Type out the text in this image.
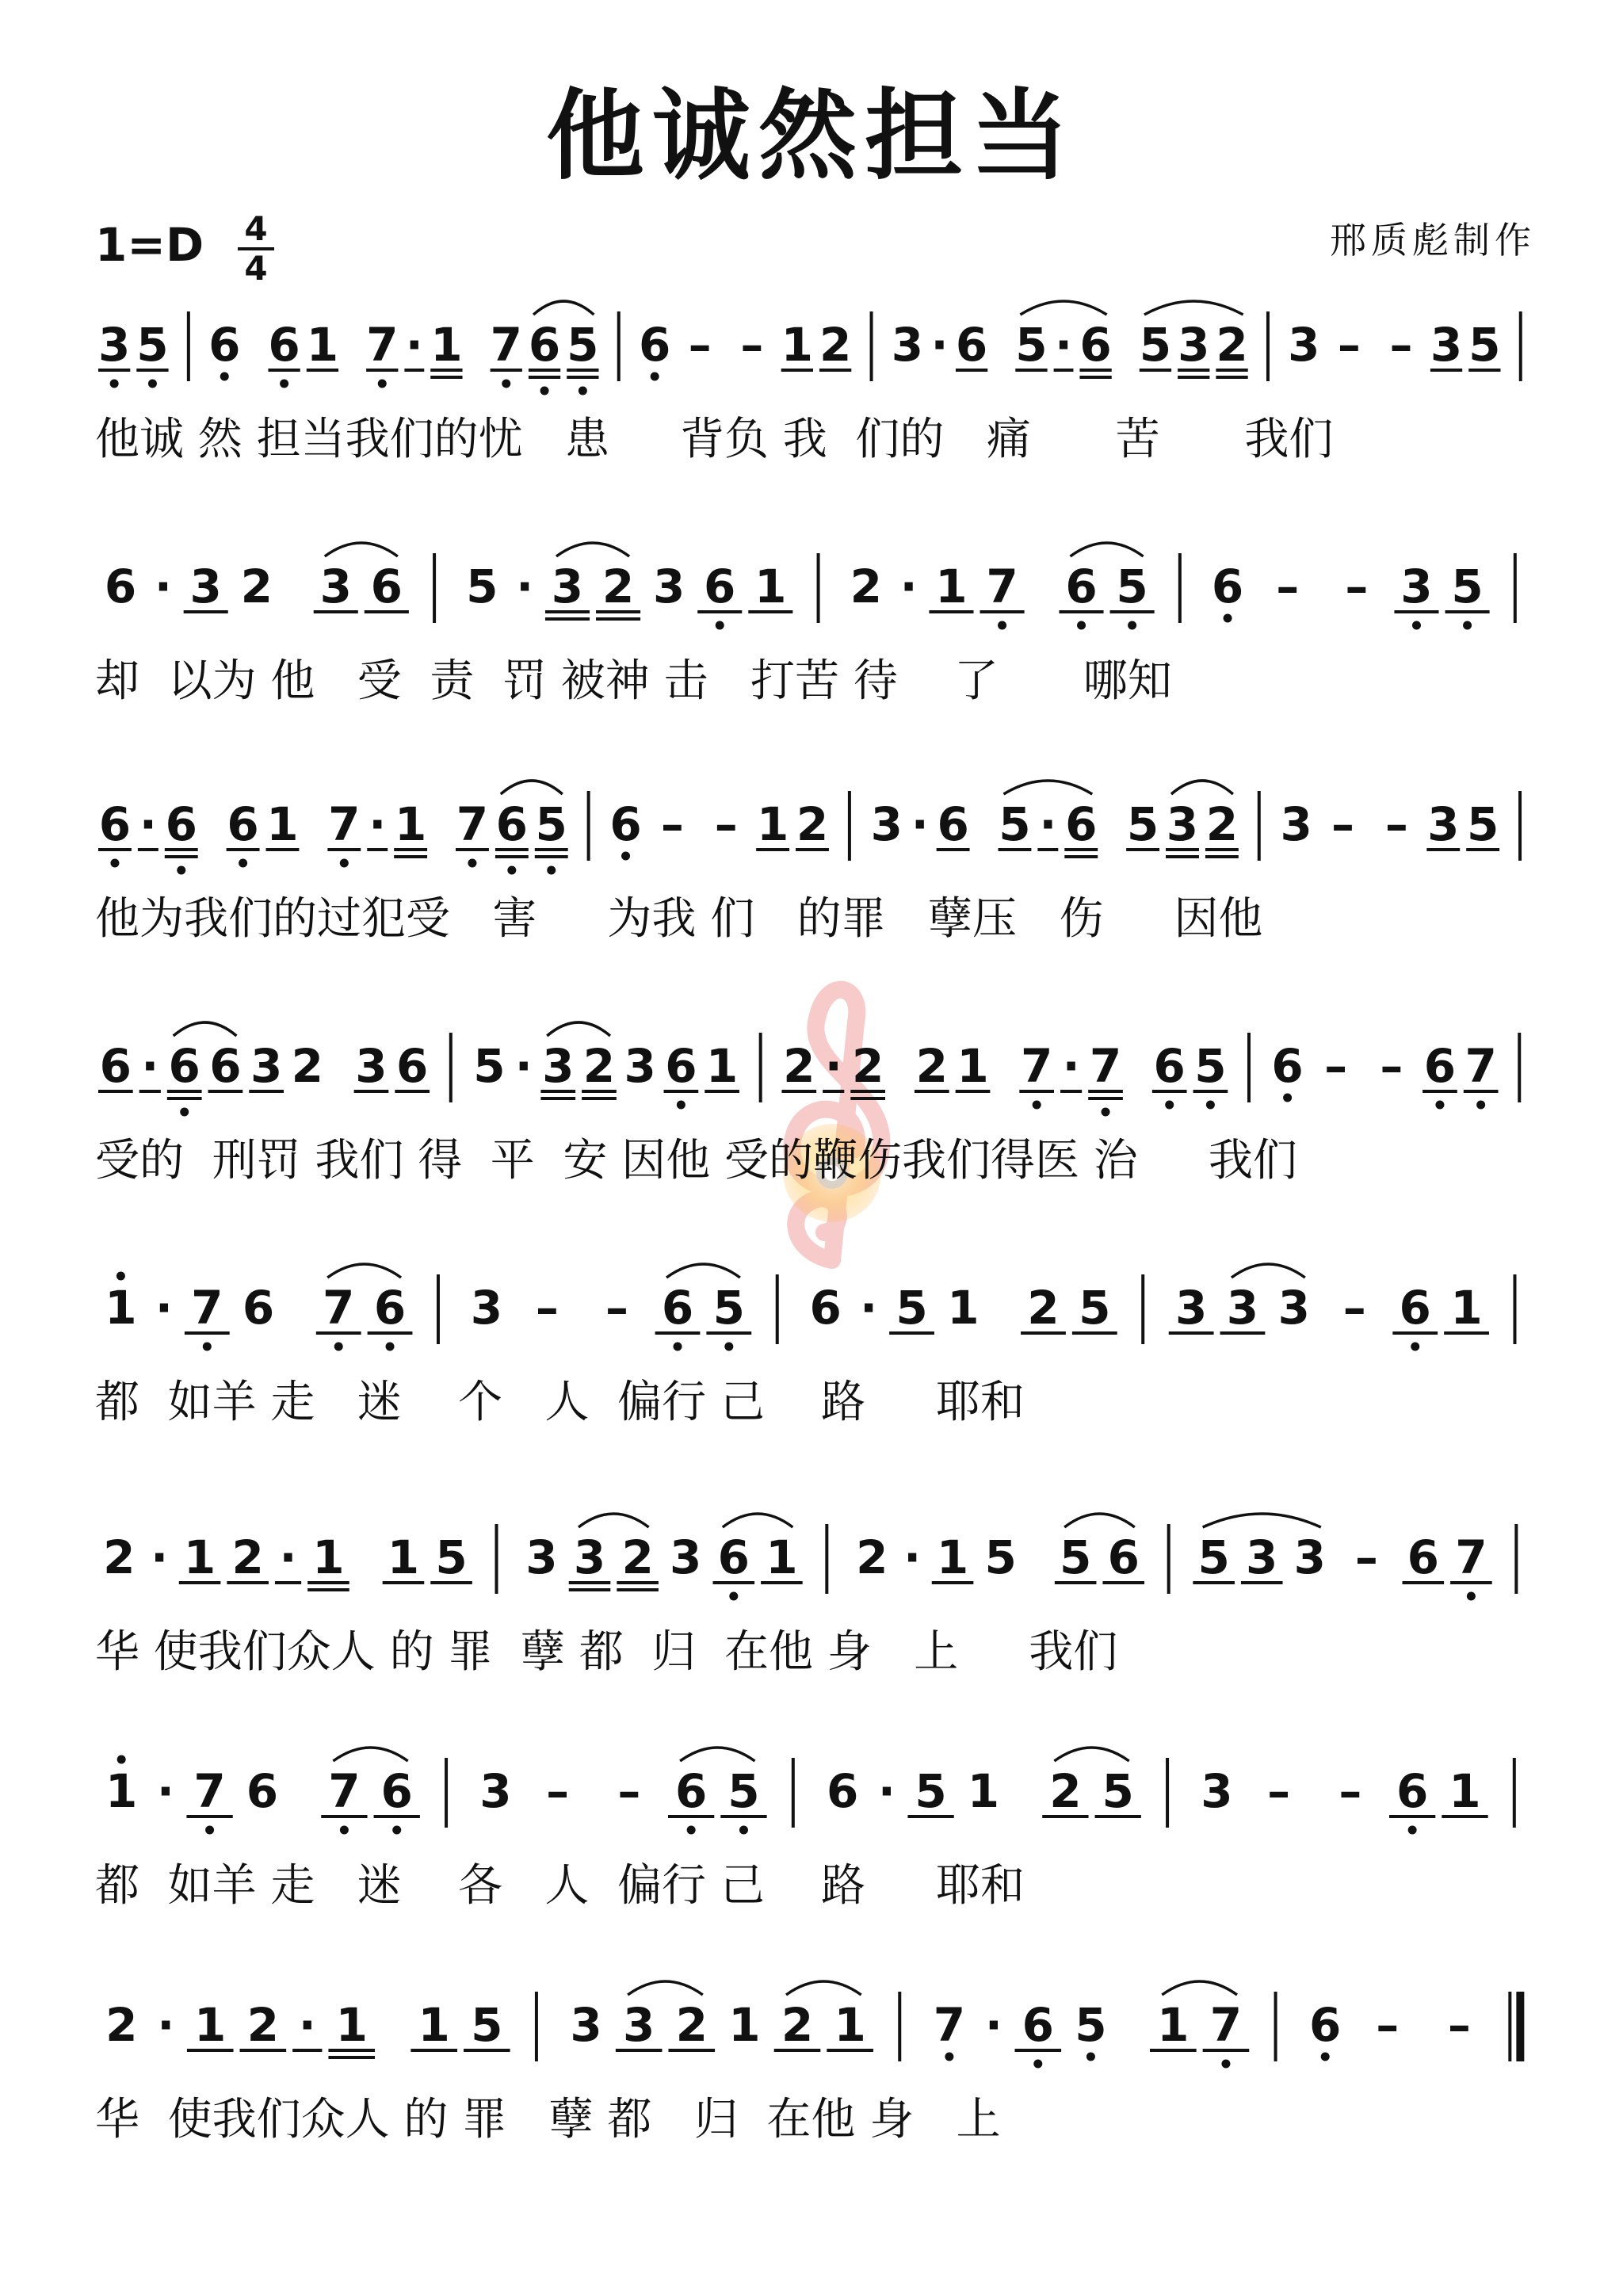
他诚然担当
$1=D \frac{4}{4}$	邢质彪制作
3 5 6 6 1 7 · 1 7 6 5 6 – – 1 2 3 · 6 5 · 6 5 3 2 3 – – 3 5
他诚 然 担当我们的忧   患     背负 我  们的   痛      苦      我们
6 · 3 2 3 6 5 · 3 2 3 6 1 2 · 1 7 6 5 6 – – 3 5
却  以为 他   受  责  罚 被神 击   打苦 待    了      哪知
6 · 6 6 1 7 · 1 7 6 5 6 – – 1 2 3 · 6 5 · 6 5 3 2 3 – – 3 5
他为我们的过犯受   害     为我 们   的罪   孽压   伤     因他
6 · 6 6 3 2 3 6 5 · 3 2 3 6 1 2 · 2 2 1 7 · 7 6 5 6 – – 6 7
受的  刑罚 我们 得  平  安 因他 受的鞭伤我们得医 治     我们
1 · 7 6 7 6 3 – – 6 5 6 · 5 1 2 5 3 3 3 – 6 1
都  如羊 走   迷    个   人  偏行 己    路     耶和
2 · 1 2 · 1 1 5 3 3 2 3 6 1 2 · 1 5 5 6 5 3 3 – 6 7
华 使我们众人 的 罪  孽 都  归  在他 身   上     我们
1 · 7 6 7 6 3 – – 6 5 6 · 5 1 2 5 3 – – 6 1
都  如羊 走   迷    各   人  偏行 己    路     耶和
2 · 1 2 · 1 1 5 3 3 2 1 2 1 7 · 6 5 1 7 6 – –
华  使我们众人 的 罪   孽 都   归  在他 身   上
